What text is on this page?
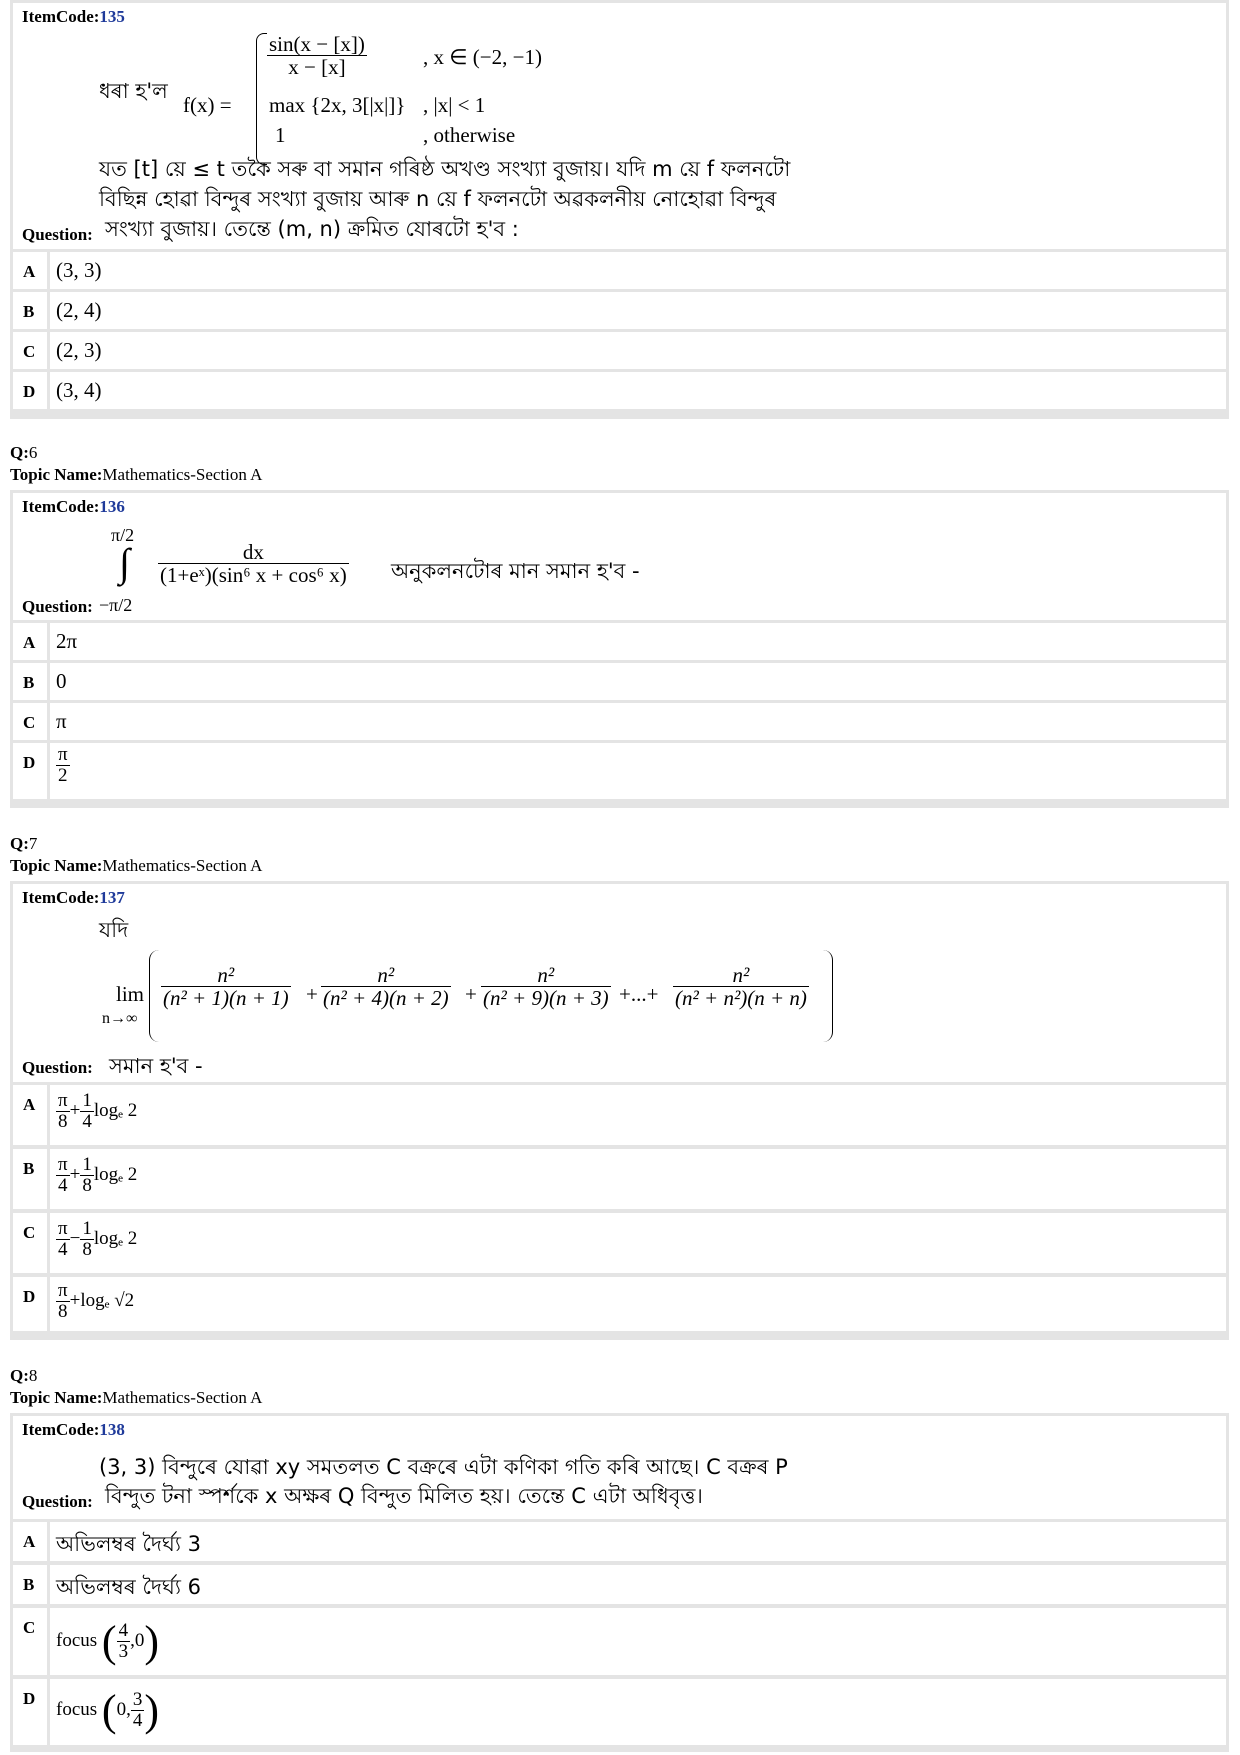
ItemCode:135
ধৰা হ'ল
f(x) =
$\frac{\sin(x - [x])}{x - [x]}$	, x ∈ (−2, −1)
max {2x, 3[|x|]} , |x| < 1
1	, otherwise
যত [t] য়ে ≤ t তকৈ সৰু বা সমান গৰিষ্ঠ অখণ্ড সংখ্যা বুজায়। যদি m য়ে f ফলনটো
বিছিন্ন হোৱা বিন্দুৰ সংখ্যা বুজায় আৰু n য়ে f ফলনটো অৱকলনীয় নোহোৱা বিন্দুৰ
Question: সংখ্যা বুজায়। তেন্তে (m, n) ক্ৰমিত যোৰটো হ'ব :
A (3, 3)
B (2, 4)
C (2, 3)
D (3, 4)
Q:6
Topic Name:Mathematics-Section A
ItemCode:136
π/2
∫
−π/2
$\frac{dx}{\text{(1+eˣ)(sin⁶ x + cos⁶ x)}}$ অনুকলনটোৰ মান সমান হ'ব -
Question:
A 2π
B 0
C π
D $\frac{\pi}{2}$
Q:7
Topic Name:Mathematics-Section A
ItemCode:137
যদি
lim
n→∞
$\frac{\text{n²}}{\text{(n² + 1)(n + 1)}} + \frac{\text{n²}}{\text{(n² + 4)(n + 2)}} + \frac{\text{n²}}{\text{(n² + 9)(n + 3)}}$ +...+ $\frac{\text{n²}}{\text{(n² + n²)(n + n)}}$
Question: সমান হ'ব -
A $\frac{\pi}{8} + \frac{1}{4}$ logₑ 2
B $\frac{\pi}{4} + \frac{1}{8}$ logₑ 2
C $\frac{\pi}{4} - \frac{1}{8}$ logₑ 2
D $\frac{\pi}{8} +\log_e$ √2
Q:8
Topic Name:Mathematics-Section A
ItemCode:138
(3, 3) বিন্দুৰে যোৱা xy সমতলত C বক্ৰৰে এটা কণিকা গতি কৰি আছে। C বক্ৰৰ P
Question: বিন্দুত টনা স্পৰ্শকে x অক্ষৰ Q বিন্দুত মিলিত হয়। তেন্তে C এটা অধিবৃত্ত।
A অভিলম্বৰ দৈৰ্ঘ্য 3
B অভিলম্বৰ দৈৰ্ঘ্য 6
C
focus ( $\frac{4}{3} ,0$)
D
focus (0, $\frac{3}{4}$ )
